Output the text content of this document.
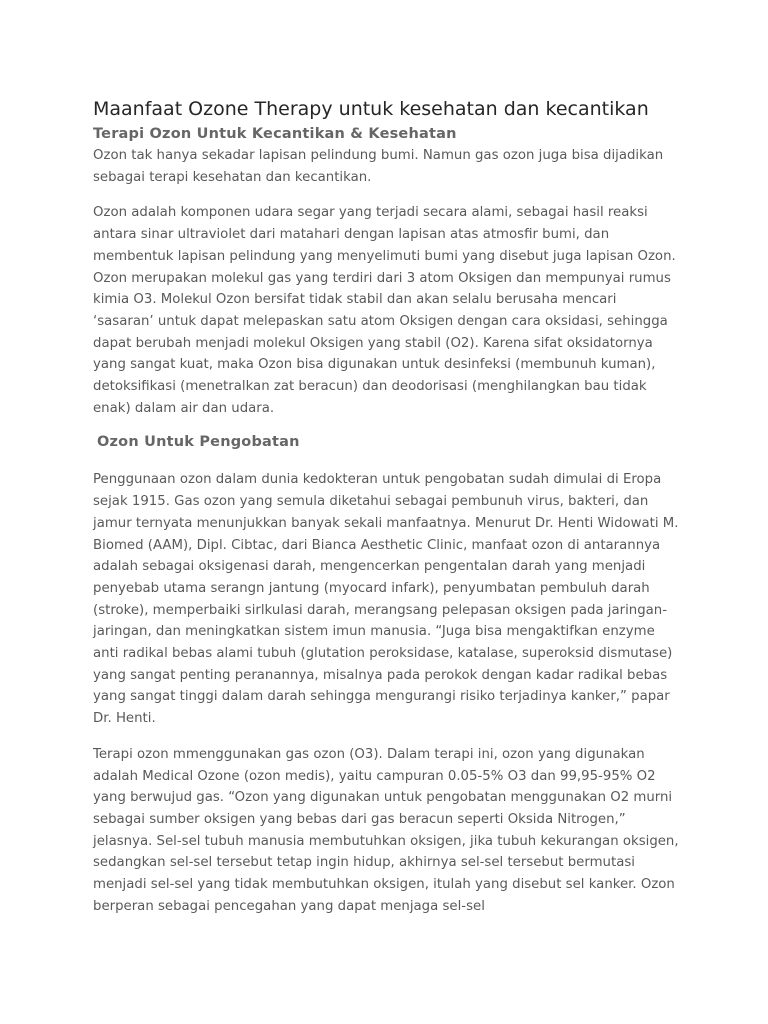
Maanfaat Ozone Therapy untuk kesehatan dan kecantikan
Terapi Ozon Untuk Kecantikan & Kesehatan

Ozon tak hanya sekadar lapisan pelindung bumi. Namun gas ozon juga bisa dijadikan sebagai terapi kesehatan dan kecantikan.

Ozon adalah komponen udara segar yang terjadi secara alami, sebagai hasil reaksi antara sinar ultraviolet dari matahari dengan lapisan atas atmosfir bumi, dan membentuk lapisan pelindung yang menyelimuti bumi yang disebut juga lapisan Ozon. Ozon merupakan molekul gas yang terdiri dari 3 atom Oksigen dan mempunyai rumus kimia O3. Molekul Ozon bersifat tidak stabil dan akan selalu berusaha mencari ‘sasaran’ untuk dapat melepaskan satu atom Oksigen dengan cara oksidasi, sehingga dapat berubah menjadi molekul Oksigen yang stabil (O2). Karena sifat oksidatornya yang sangat kuat, maka Ozon bisa digunakan untuk desinfeksi (membunuh kuman), detoksifikasi (menetralkan zat beracun) dan deodorisasi (menghilangkan bau tidak enak) dalam air dan udara.

Ozon Untuk Pengobatan

Penggunaan ozon dalam dunia kedokteran untuk pengobatan sudah dimulai di Eropa sejak 1915. Gas ozon yang semula diketahui sebagai pembunuh virus, bakteri, dan jamur ternyata menunjukkan banyak sekali manfaatnya. Menurut Dr. Henti Widowati M. Biomed (AAM), Dipl. Cibtac, dari Bianca Aesthetic Clinic, manfaat ozon di antarannya adalah sebagai oksigenasi darah, mengencerkan pengentalan darah yang menjadi penyebab utama serangn jantung (myocard infark), penyumbatan pembuluh darah (stroke), memperbaiki sirlkulasi darah, merangsang pelepasan oksigen pada jaringan-jaringan, dan meningkatkan sistem imun manusia. “Juga bisa mengaktifkan enzyme anti radikal bebas alami tubuh (glutation peroksidase, katalase, superoksid dismutase) yang sangat penting peranannya, misalnya pada perokok dengan kadar radikal bebas yang sangat tinggi dalam darah sehingga mengurangi risiko terjadinya kanker,” papar Dr. Henti.

Terapi ozon mmenggunakan gas ozon (O3). Dalam terapi ini, ozon yang digunakan adalah Medical Ozone (ozon medis), yaitu campuran 0.05-5% O3 dan 99,95-95% O2 yang berwujud gas. “Ozon yang digunakan untuk pengobatan menggunakan O2 murni sebagai sumber oksigen yang bebas dari gas beracun seperti Oksida Nitrogen,” jelasnya. Sel-sel tubuh manusia membutuhkan oksigen, jika tubuh kekurangan oksigen, sedangkan sel-sel tersebut tetap ingin hidup, akhirnya sel-sel tersebut bermutasi menjadi sel-sel yang tidak membutuhkan oksigen, itulah yang disebut sel kanker. Ozon berperan sebagai pencegahan yang dapat menjaga sel-sel
